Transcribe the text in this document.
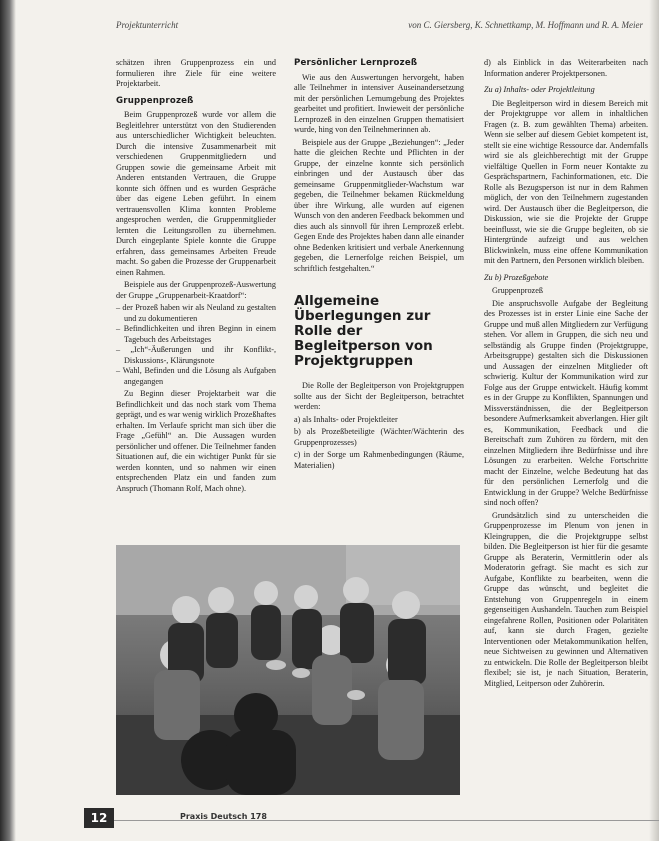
Projektunterricht	von C. Giersberg, K. Schnettkamp, M. Hoffmann und R. A. Meier

schätzen ihren Gruppenprozess ein und formulieren ihre Ziele für eine weitere Projektarbeit.

Gruppenprozeß

Beim Gruppenprozeß wurde vor allem die Begleitlehrer unterstützt von den Studierenden aus unterschiedlicher Wichtigkeit beleuchten. Durch die intensive Zusammenarbeit mit verschiedenen Gruppenmitgliedern und Gruppen sowie die gemeinsame Arbeit mit Anderen entstanden Vertrauen, die Gruppe konnte sich öffnen und es wurden Gespräche über das eigene Leben geführt. In einem vertrauensvollen Klima konnten Probleme angesprochen werden, die Gruppenmitglieder lernten die Leitungsrollen zu übernehmen. Durch eingeplante Spiele konnte die Gruppe erfahren, dass gemeinsames Arbeiten Freude macht. So gaben die Prozesse der Gruppenarbeit einen Rahmen.

Beispiele aus der Gruppenprozeß-Auswertung der Gruppe „Gruppenarbeit-Kraatdorf“:

– der Prozeß haben wir als Neuland zu gestalten und zu dokumentieren
– Befindlichkeiten und ihren Beginn in einem Tagebuch des Arbeitstages
– „Ich“-Äußerungen und ihr Konflikt-, Diskussions-, Klärungsnote
– Wahl, Befinden und die Lösung als Aufgaben angegangen

Zu Beginn dieser Projektarbeit war die Befindlichkeit und das noch stark vom Thema geprägt, und es war wenig wirklich Prozeßhaftes erhalten. Im Verlaufe spricht man sich über die Frage „Gefühl“ an. Die Aussagen wurden persönlicher und offener. Die Teilnehmer fanden Situationen auf, die ein wichtiger Punkt für sie werden konnten, und so nahmen wir einen entsprechenden Platz ein und fanden zum Anspruch (Thomann Rolf, Mach ohne).

Persönlicher Lernprozeß

Wie aus den Auswertungen hervorgeht, haben alle Teilnehmer in intensiver Auseinandersetzung mit der persönlichen Lernumgebung des Projektes gearbeitet und profitiert. Inwieweit der persönliche Lernprozeß in den einzelnen Gruppen thematisiert wurde, hing von den Teilnehmerinnen ab.

Beispiele aus der Gruppe „Beziehungen“: „Jeder hatte die gleichen Rechte und Pflichten in der Gruppe, der einzelne konnte sich persönlich einbringen und der Austausch über das gemeinsame Gruppenmitglieder-Wachstum war gegeben, die Teilnehmer bekamen Rückmeldung über ihre Wirkung, alle wurden auf eigenen Wunsch von den anderen Feedback bekommen und dies auch als sinnvoll für ihren Lernprozeß erlebt. Gegen Ende des Projektes haben dann alle einander ohne Bedenken kritisiert und verbale Anerkennung gegeben, die Lernerfolge reichen Beispiel, um schriftlich festgehalten.“

Allgemeine Überlegungen zur Rolle der Begleitperson von Projektgruppen

Die Rolle der Begleitperson von Projektgruppen sollte aus der Sicht der Begleitperson, betrachtet werden:

a) als Inhalts- oder Projektleiter
b) als Prozeßbeteiligte (Wächter/Wächterin des Gruppenprozesses)
c) in der Sorge um Rahmenbedingungen (Räume, Materialien)

d) als Einblick in das Weiterarbeiten nach Information anderer Projektpersonen.

Zu a) Inhalts- oder Projektleitung

Die Begleitperson wird in diesem Bereich mit der Projektgruppe vor allem in inhaltlichen Fragen (z. B. zum gewählten Thema) arbeiten. Wenn sie selber auf diesem Gebiet kompetent ist, stellt sie eine wichtige Ressource dar. Andernfalls wird sie als gleichberechtigt mit der Gruppe vielfältige Quellen in Form neuer Kontakte zu Gesprächspartnern, Fachinformationen, etc. Die Rolle als Bezugsperson ist nur in dem Rahmen möglich, der von den Teilnehmern zugestanden wird. Der Austausch über die Begleitperson, die Diskussion, wie sie die Projekte der Gruppe beeinflusst, wie sie die Gruppe begleiten, ob sie Hintergründe aufzeigt und aus welchen Blickwinkeln, muss eine offene Kommunikation mit den Partnern, den Personen wirklich bleiben.

Zu b) Prozeßgebote

Gruppenprozeß

Die anspruchsvolle Aufgabe der Begleitung des Prozesses ist in erster Linie eine Sache der Gruppe und muß allen Mitgliedern zur Verfügung stehen. Vor allem in Gruppen, die sich neu und selbständig als Gruppe finden (Projektgruppe, Arbeitsgruppe) gestalten sich die Diskussionen und Aussagen der einzelnen Mitglieder oft schwierig. Kultur der Kommunikation wird zur Folge aus der Gruppe entwickelt. Häufig kommt es in der Gruppe zu Konflikten, Spannungen und Missverständnissen, die der Begleitperson besondere Aufmerksamkeit abverlangen. Hier gilt es, Kommunikation, Feedback und die Bereitschaft zum Zuhören zu fördern, mit den einzelnen Mitgliedern ihre Bedürfnisse und ihre Lösungen zu erarbeiten. Welche Fortschritte macht der Einzelne, welche Bedeutung hat das für den persönlichen Lernerfolg und die Entwicklung in der Gruppe? Welche Bedürfnisse sind noch offen?

Grundsätzlich sind zu unterscheiden die Gruppenprozesse im Plenum von jenen in Kleingruppen, die die Projektgruppe selbst bilden. Die Begleitperson ist hier für die gesamte Gruppe als Beraterin, Vermittlerin oder als Moderatorin gefragt. Sie macht es sich zur Aufgabe, Konflikte zu bearbeiten, wenn die Gruppe das wünscht, und begleitet die Entstehung von Gruppenregeln in einem gegenseitigen Aushandeln. Tauchen zum Beispiel eingefahrene Rollen, Positionen oder Polaritäten auf, kann sie durch Fragen, gezielte Interventionen oder Metakommunikation helfen, neue Sichtweisen zu gewinnen und Alternativen zu entwickeln. Die Rolle der Begleitperson bleibt flexibel; sie ist, je nach Situation, Beraterin, Mitglied, Leitperson oder Zuhörerin.

12	Praxis Deutsch 178
